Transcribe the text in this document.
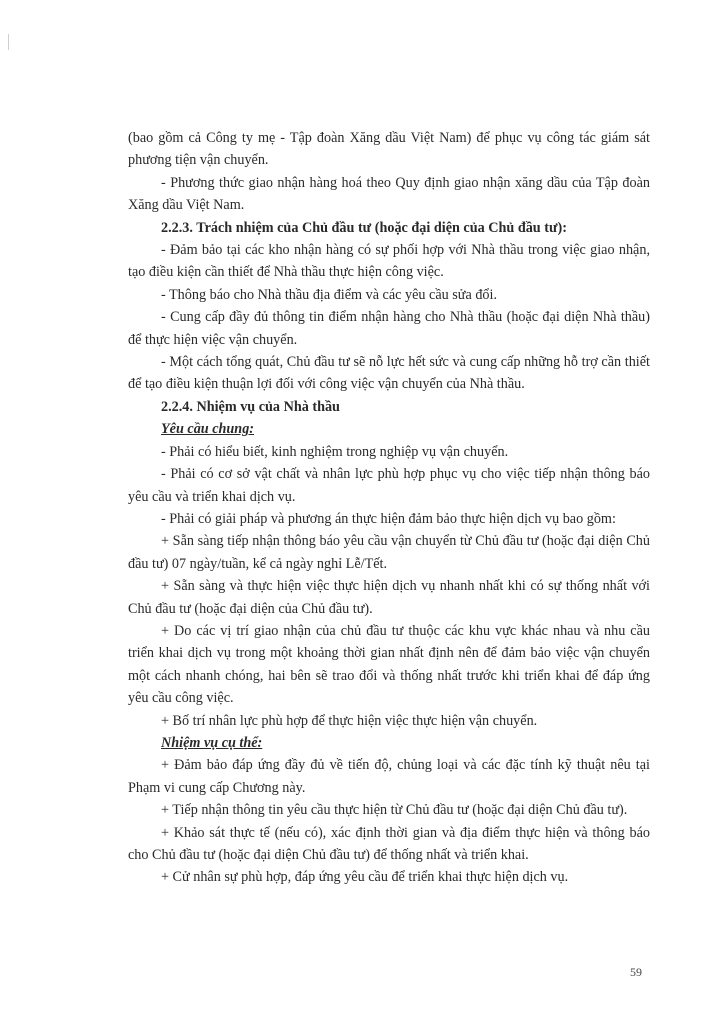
(bao gồm cả Công ty mẹ - Tập đoàn Xăng dầu Việt Nam) để phục vụ công tác giám sát phương tiện vận chuyển.

- Phương thức giao nhận hàng hoá theo Quy định giao nhận xăng dầu của Tập đoàn Xăng dầu Việt Nam.

2.2.3. Trách nhiệm của Chủ đầu tư (hoặc đại diện của Chủ đầu tư):

- Đảm bảo tại các kho nhận hàng có sự phối hợp với Nhà thầu trong việc giao nhận, tạo điều kiện cần thiết để Nhà thầu thực hiện công việc.

- Thông báo cho Nhà thầu địa điểm và các yêu cầu sửa đổi.

- Cung cấp đầy đủ thông tin điểm nhận hàng cho Nhà thầu (hoặc đại diện Nhà thầu) để thực hiện việc vận chuyển.

- Một cách tổng quát, Chủ đầu tư sẽ nỗ lực hết sức và cung cấp những hỗ trợ cần thiết để tạo điều kiện thuận lợi đối với công việc vận chuyển của Nhà thầu.

2.2.4. Nhiệm vụ của Nhà thầu

Yêu cầu chung:

- Phải có hiểu biết, kinh nghiệm trong nghiệp vụ vận chuyển.

- Phải có cơ sở vật chất và nhân lực phù hợp phục vụ cho việc tiếp nhận thông báo yêu cầu và triển khai dịch vụ.

- Phải có giải pháp và phương án thực hiện đảm bảo thực hiện dịch vụ bao gồm:

+ Sẵn sàng tiếp nhận thông báo yêu cầu vận chuyển từ Chủ đầu tư (hoặc đại diện Chủ đầu tư) 07 ngày/tuần, kể cả ngày nghỉ Lễ/Tết.

+ Sẵn sàng và thực hiện việc thực hiện dịch vụ nhanh nhất khi có sự thống nhất với Chủ đầu tư (hoặc đại diện của Chủ đầu tư).

+ Do các vị trí giao nhận của chủ đầu tư thuộc các khu vực khác nhau và nhu cầu triển khai dịch vụ trong một khoảng thời gian nhất định nên để đảm bảo việc vận chuyển một cách nhanh chóng, hai bên sẽ trao đổi và thống nhất trước khi triển khai để đáp ứng yêu cầu công việc.

+ Bố trí nhân lực phù hợp để thực hiện việc thực hiện vận chuyển.

Nhiệm vụ cụ thể:

+ Đảm bảo đáp ứng đầy đủ về tiến độ, chủng loại và các đặc tính kỹ thuật nêu tại Phạm vi cung cấp Chương này.

+ Tiếp nhận thông tin yêu cầu thực hiện từ Chủ đầu tư (hoặc đại diện Chủ đầu tư).

+ Khảo sát thực tế (nếu có), xác định thời gian và địa điểm thực hiện và thông báo cho Chủ đầu tư (hoặc đại diện Chủ đầu tư) để thống nhất và triển khai.

+ Cử nhân sự phù hợp, đáp ứng yêu cầu để triển khai thực hiện dịch vụ.

59
